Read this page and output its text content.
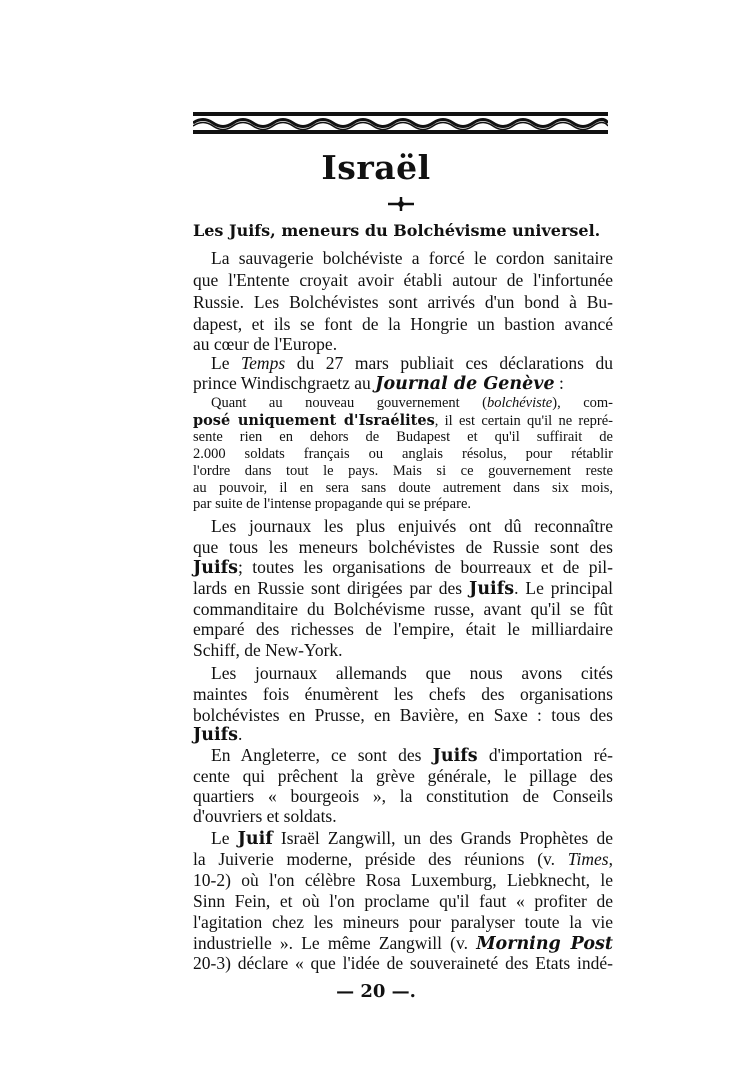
Israël
Les Juifs, meneurs du Bolchévisme universel.
La sauvagerie bolchéviste a forcé le cordon sanitaire
que l'Entente croyait avoir établi autour de l'infortunée
Russie. Les Bolchévistes sont arrivés d'un bond à Bu-
dapest, et ils se font de la Hongrie un bastion avancé
au cœur de l'Europe.
Le Temps du 27 mars publiait ces déclarations du
prince Windischgraetz au Journal de Genève :
Quant au nouveau gouvernement (bolchéviste), com-
posé uniquement d'Israélites, il est certain qu'il ne repré-
sente rien en dehors de Budapest et qu'il suffirait de
2.000 soldats français ou anglais résolus, pour rétablir
l'ordre dans tout le pays. Mais si ce gouvernement reste
au pouvoir, il en sera sans doute autrement dans six mois,
par suite de l'intense propagande qui se prépare.
Les journaux les plus enjuivés ont dû reconnaître
que tous les meneurs bolchévistes de Russie sont des
Juifs; toutes les organisations de bourreaux et de pil-
lards en Russie sont dirigées par des Juifs. Le principal
commanditaire du Bolchévisme russe, avant qu'il se fût
emparé des richesses de l'empire, était le milliardaire
Schiff, de New-York.
Les journaux allemands que nous avons cités
maintes fois énumèrent les chefs des organisations
bolchévistes en Prusse, en Bavière, en Saxe : tous des
Juifs.
En Angleterre, ce sont des Juifs d'importation ré-
cente qui prêchent la grève générale, le pillage des
quartiers « bourgeois », la constitution de Conseils
d'ouvriers et soldats.
Le Juif Israël Zangwill, un des Grands Prophètes de
la Juiverie moderne, préside des réunions (v. Times,
10-2) où l'on célèbre Rosa Luxemburg, Liebknecht, le
Sinn Fein, et où l'on proclame qu'il faut « profiter de
l'agitation chez les mineurs pour paralyser toute la vie
industrielle ». Le même Zangwill (v. Morning Post
20-3) déclare « que l'idée de souveraineté des Etats indé-
— 20 —.
